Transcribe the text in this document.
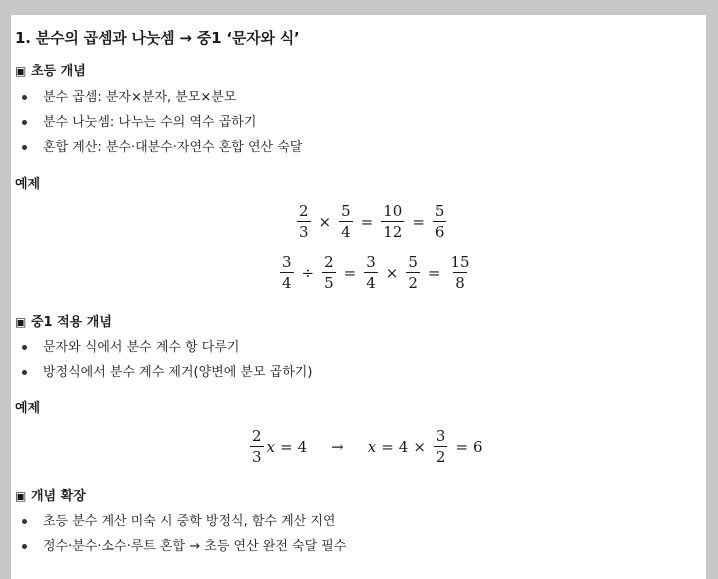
1. 분수의 곱셈과 나눗셈 → 중1 ‘문자와 식’
▣ 초등 개념
분수 곱셈: 분자×분자, 분모×분모
분수 나눗셈: 나누는 수의 역수 곱하기
혼합 계산: 분수·대분수·자연수 혼합 연산 숙달
예제
$\frac{2}{3} \times \frac{5}{4} = \frac{10}{12} = \frac{5}{6}$
$\frac{3}{4} \div \frac{2}{5} = \frac{3}{4} \times \frac{5}{2} = \frac{15}{8}$
▣ 중1 적용 개념
문자와 식에서 분수 계수 항 다루기
방정식에서 분수 계수 제거(양변에 분모 곱하기)
예제
$\frac{2}{3}$ $x = 4 \to x = 4 \times \frac{3}{2} = 6$
▣ 개념 확장
초등 분수 계산 미숙 시 중학 방정식, 함수 계산 지연
정수·분수·소수·루트 혼합 → 초등 연산 완전 숙달 필수
